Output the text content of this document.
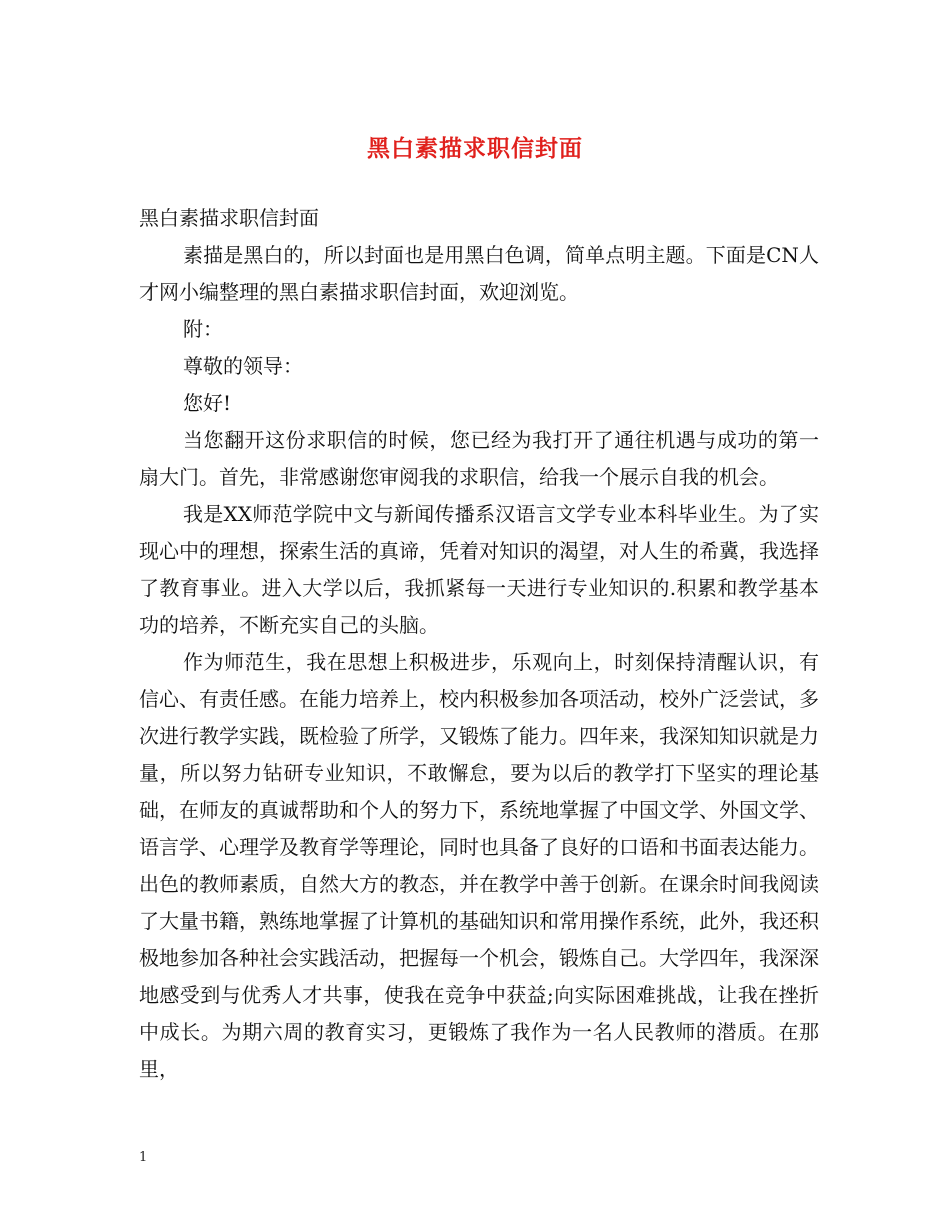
黑白素描求职信封面

黑白素描求职信封面

素描是黑白的，所以封面也是用黑白色调，简单点明主题。下面是CN人才网小编整理的黑白素描求职信封面，欢迎浏览。

附：

尊敬的领导：

您好!

当您翻开这份求职信的时候，您已经为我打开了通往机遇与成功的第一扇大门。首先，非常感谢您审阅我的求职信，给我一个展示自我的机会。

我是XX师范学院中文与新闻传播系汉语言文学专业本科毕业生。为了实现心中的理想，探索生活的真谛，凭着对知识的渴望，对人生的希冀，我选择了教育事业。进入大学以后，我抓紧每一天进行专业知识的.积累和教学基本功的培养，不断充实自己的头脑。

作为师范生，我在思想上积极进步，乐观向上，时刻保持清醒认识，有信心、有责任感。在能力培养上，校内积极参加各项活动，校外广泛尝试，多次进行教学实践，既检验了所学，又锻炼了能力。四年来，我深知知识就是力量，所以努力钻研专业知识，不敢懈怠，要为以后的教学打下坚实的理论基础，在师友的真诚帮助和个人的努力下，系统地掌握了中国文学、外国文学、语言学、心理学及教育学等理论，同时也具备了良好的口语和书面表达能力。出色的教师素质，自然大方的教态，并在教学中善于创新。在课余时间我阅读了大量书籍，熟练地掌握了计算机的基础知识和常用操作系统，此外，我还积极地参加各种社会实践活动，把握每一个机会，锻炼自己。大学四年，我深深地感受到与优秀人才共事，使我在竞争中获益;向实际困难挑战，让我在挫折中成长。为期六周的教育实习，更锻炼了我作为一名人民教师的潜质。在那里，

1
